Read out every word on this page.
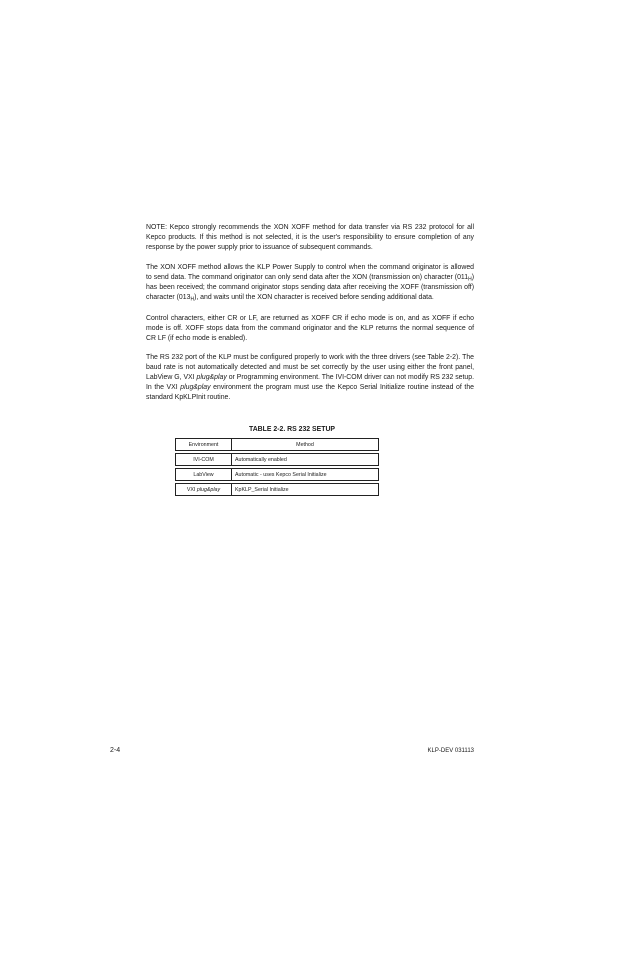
NOTE: Kepco strongly recommends the XON XOFF method for data transfer via RS 232 protocol for all Kepco products. If this method is not selected, it is the user's responsibility to ensure completion of any response by the power supply prior to issuance of subsequent commands.

The XON XOFF method allows the KLP Power Supply to control when the command originator is allowed to send data. The command originator can only send data after the XON (transmission on) character $(011_H)$ has been received; the command originator stops sending data after receiving the XOFF (transmission off) character $(013_H)$, and waits until the XON character is received before sending additional data.

Control characters, either CR or LF, are returned as XOFF CR if echo mode is on, and as XOFF if echo mode is off. XOFF stops data from the command originator and the KLP returns the normal sequence of CR LF (if echo mode is enabled).

The RS 232 port of the KLP must be configured properly to work with the three drivers (see Table 2-2). The baud rate is not automatically detected and must be set correctly by the user using either the front panel, LabView G, VXI plug&play or Programming environment. The IVI-COM driver can not modify RS 232 setup. In the VXI plug&play environment the program must use the Kepco Serial Initialize routine instead of the standard KpKLPInit routine.

TABLE 2-2. RS 232 SETUP

Environment	Method
IVI-COM	Automatically enabled
LabView	Automatic - uses Kepco Serial Initialize
VXI plug&play	KpKLP_Serial Initialize

2-4	KLP-DEV 031113
